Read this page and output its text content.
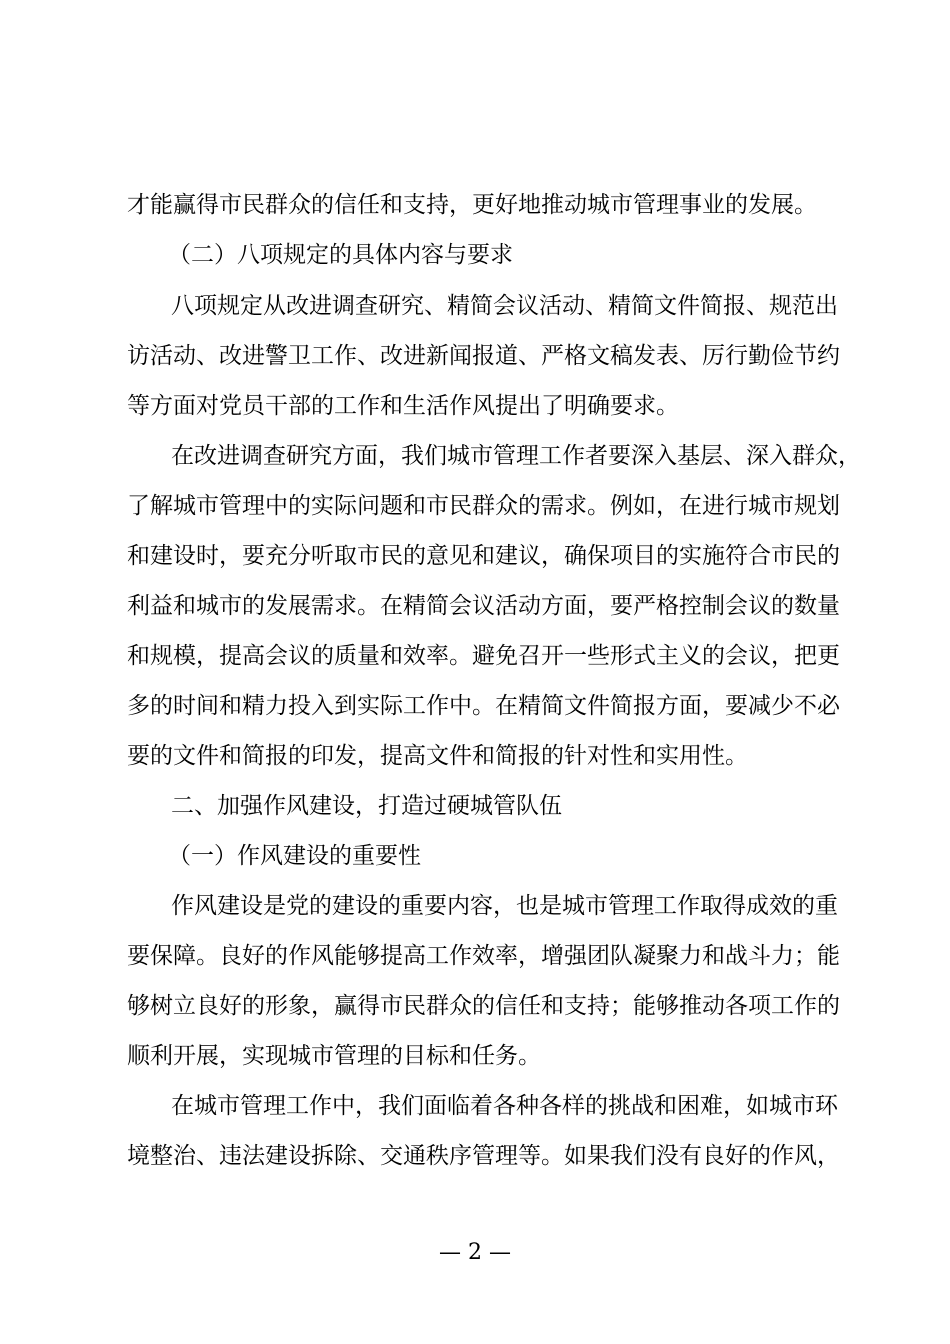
才能赢得市民群众的信任和支持，更好地推动城市管理事业的发展。

（二）八项规定的具体内容与要求

八项规定从改进调查研究、精简会议活动、精简文件简报、规范出

访活动、改进警卫工作、改进新闻报道、严格文稿发表、厉行勤俭节约

等方面对党员干部的工作和生活作风提出了明确要求。

在改进调查研究方面，我们城市管理工作者要深入基层、深入群众，

了解城市管理中的实际问题和市民群众的需求。例如，在进行城市规划

和建设时，要充分听取市民的意见和建议，确保项目的实施符合市民的

利益和城市的发展需求。在精简会议活动方面，要严格控制会议的数量

和规模，提高会议的质量和效率。避免召开一些形式主义的会议，把更

多的时间和精力投入到实际工作中。在精简文件简报方面，要减少不必

要的文件和简报的印发，提高文件和简报的针对性和实用性。

二、加强作风建设，打造过硬城管队伍

（一）作风建设的重要性

作风建设是党的建设的重要内容，也是城市管理工作取得成效的重

要保障。良好的作风能够提高工作效率，增强团队凝聚力和战斗力；能

够树立良好的形象，赢得市民群众的信任和支持；能够推动各项工作的

顺利开展，实现城市管理的目标和任务。

在城市管理工作中，我们面临着各种各样的挑战和困难，如城市环

境整治、违法建设拆除、交通秩序管理等。如果我们没有良好的作风，

— 2 —
